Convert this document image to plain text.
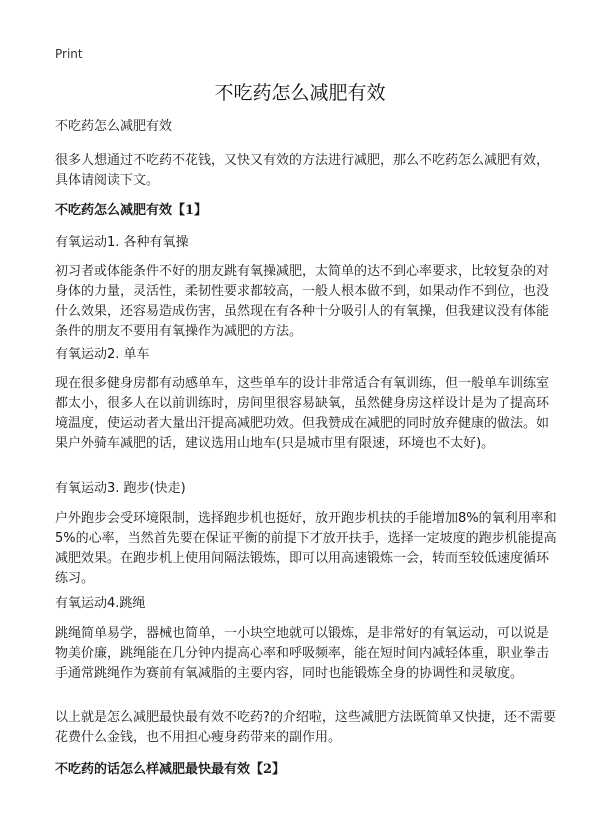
Print
不吃药怎么减肥有效

不吃药怎么减肥有效

很多人想通过不吃药不花钱，又快又有效的方法进行减肥，那么不吃药怎么减肥有效，具体请阅读下文。

不吃药怎么减肥有效【1】

有氧运动1. 各种有氧操

初习者或体能条件不好的朋友跳有氧操减肥，太简单的达不到心率要求，比较复杂的对身体的力量，灵活性，柔韧性要求都较高，一般人根本做不到，如果动作不到位，也没什么效果，还容易造成伤害，虽然现在有各种十分吸引人的有氧操，但我建议没有体能条件的朋友不要用有氧操作为减肥的方法。

有氧运动2. 单车

现在很多健身房都有动感单车，这些单车的设计非常适合有氧训练，但一般单车训练室都太小，很多人在以前训练时，房间里很容易缺氧，虽然健身房这样设计是为了提高环境温度，使运动者大量出汗提高减肥功效。但我赞成在减肥的同时放弃健康的做法。如果户外骑车减肥的话，建议选用山地车(只是城市里有限速，环境也不太好)。

有氧运动3. 跑步(快走)

户外跑步会受环境限制，选择跑步机也挺好，放开跑步机扶的手能增加8%的氧利用率和5%的心率，当然首先要在保证平衡的前提下才放开扶手，选择一定坡度的跑步机能提高减肥效果。在跑步机上使用间隔法锻炼，即可以用高速锻炼一会，转而至较低速度循环练习。

有氧运动4.跳绳

跳绳简单易学，器械也简单，一小块空地就可以锻炼，是非常好的有氧运动，可以说是物美价廉，跳绳能在几分钟内提高心率和呼吸频率，能在短时间内减轻体重，职业拳击手通常跳绳作为赛前有氧减脂的主要内容，同时也能锻炼全身的协调性和灵敏度。

以上就是怎么减肥最快最有效不吃药?的介绍啦，这些减肥方法既简单又快捷，还不需要花费什么金钱，也不用担心瘦身药带来的副作用。

不吃药的话怎么样减肥最快最有效【2】
